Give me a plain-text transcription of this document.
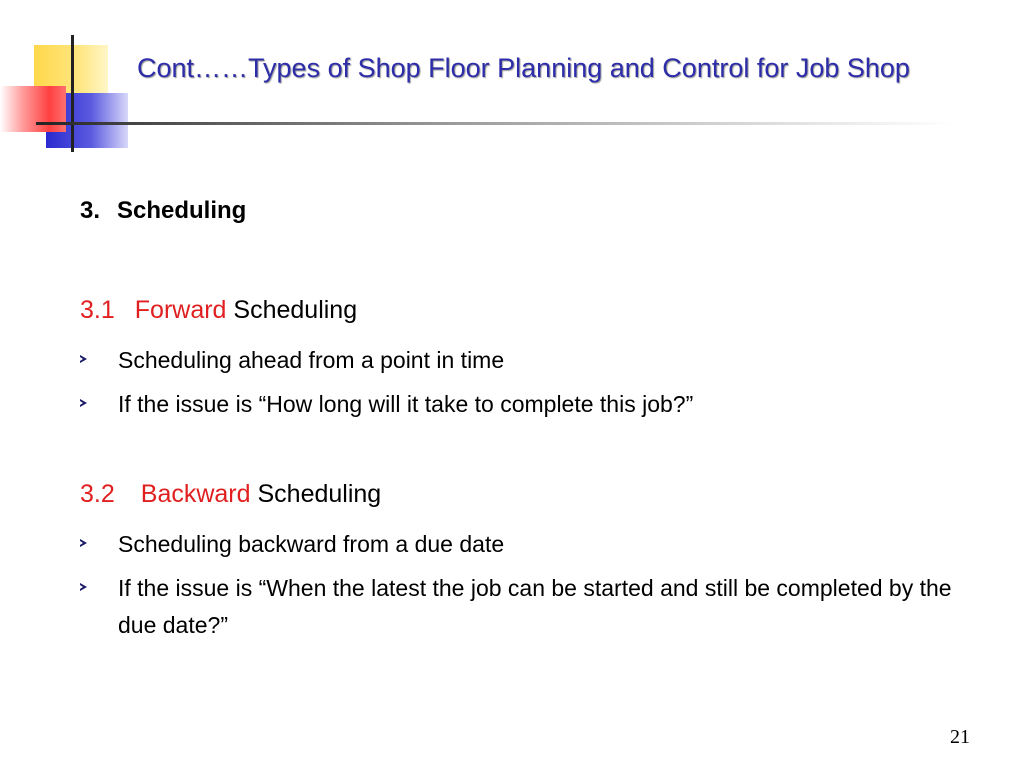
Cont……Types of Shop Floor Planning and Control for Job Shop
3. Scheduling
3.1 Forward Scheduling
Scheduling ahead from a point in time
If the issue is “How long will it take to complete this job?”
3.2 Backward Scheduling
Scheduling backward from a due date
If the issue is “When the latest the job can be started and still be completed by the due date?”
21
